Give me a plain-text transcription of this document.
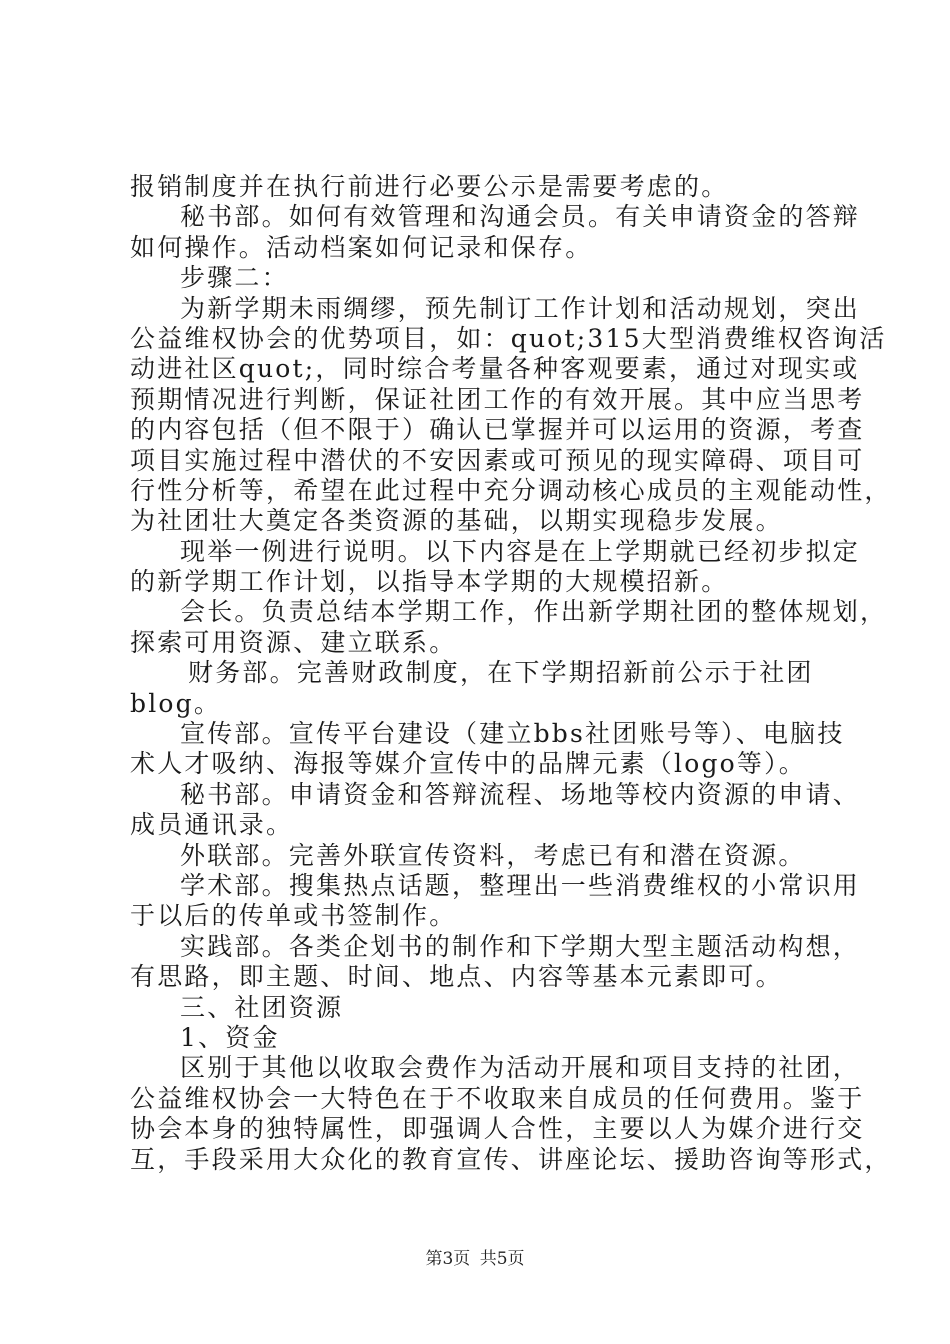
报销制度并在执行前进行必要公示是需要考虑的。
秘书部。如何有效管理和沟通会员。有关申请资金的答辩
如何操作。活动档案如何记录和保存。
步骤二：
为新学期未雨绸缪，预先制订工作计划和活动规划，突出
公益维权协会的优势项目，如：quot;315大型消费维权咨询活
动进社区quot;，同时综合考量各种客观要素，通过对现实或
预期情况进行判断，保证社团工作的有效开展。其中应当思考
的内容包括（但不限于）确认已掌握并可以运用的资源，考查
项目实施过程中潜伏的不安因素或可预见的现实障碍、项目可
行性分析等，希望在此过程中充分调动核心成员的主观能动性，
为社团壮大奠定各类资源的基础，以期实现稳步发展。
现举一例进行说明。以下内容是在上学期就已经初步拟定
的新学期工作计划，以指导本学期的大规模招新。
会长。负责总结本学期工作，作出新学期社团的整体规划，
探索可用资源、建立联系。
财务部。完善财政制度，在下学期招新前公示于社团
blog。
宣传部。宣传平台建设（建立bbs社团账号等）、电脑技
术人才吸纳、海报等媒介宣传中的品牌元素（logo等）。
秘书部。申请资金和答辩流程、场地等校内资源的申请、
成员通讯录。
外联部。完善外联宣传资料，考虑已有和潜在资源。
学术部。搜集热点话题，整理出一些消费维权的小常识用
于以后的传单或书签制作。
实践部。各类企划书的制作和下学期大型主题活动构想，
有思路，即主题、时间、地点、内容等基本元素即可。
三、社团资源
1、资金
区别于其他以收取会费作为活动开展和项目支持的社团，
公益维权协会一大特色在于不收取来自成员的任何费用。鉴于
协会本身的独特属性，即强调人合性，主要以人为媒介进行交
互，手段采用大众化的教育宣传、讲座论坛、援助咨询等形式，
第3页 共5页
